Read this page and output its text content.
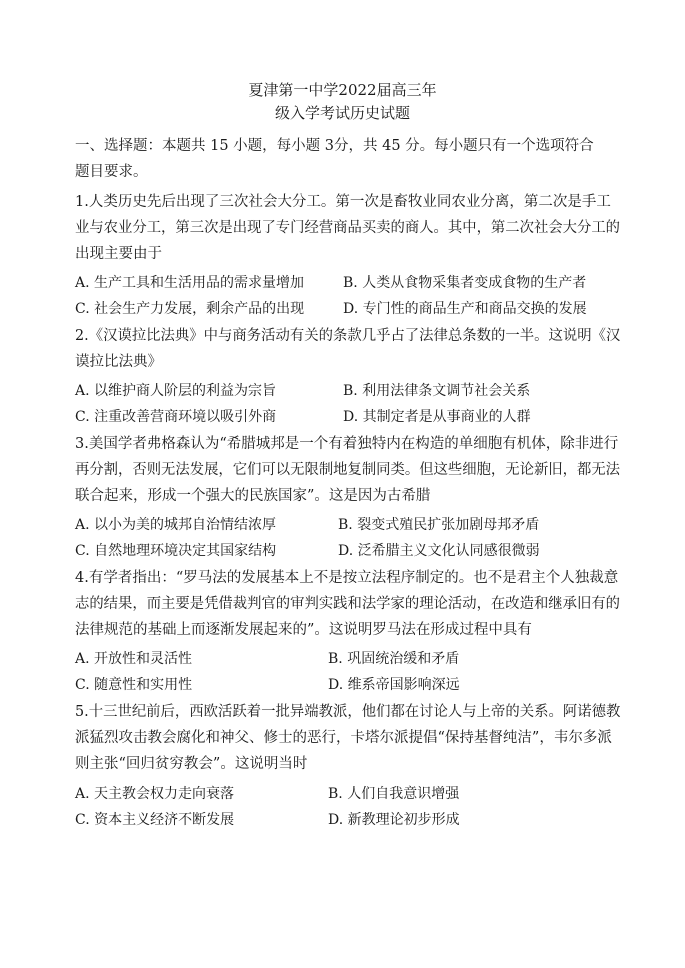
夏津第一中学2022届高三年
级入学考试历史试题
一、选择题：本题共 15 小题，每小题 3分，共 45 分。每小题只有一个选项符合
题目要求。
1.人类历史先后出现了三次社会大分工。第一次是畜牧业同农业分离，第二次是手工
业与农业分工，第三次是出现了专门经营商品买卖的商人。其中，第二次社会大分工的
出现主要由于
A. 生产工具和生活用品的需求量增加	B. 人类从食物采集者变成食物的生产者
C. 社会生产力发展，剩余产品的出现	D. 专门性的商品生产和商品交换的发展
2.《汉谟拉比法典》中与商务活动有关的条款几乎占了法律总条数的一半。这说明《汉
谟拉比法典》
A. 以维护商人阶层的利益为宗旨	B. 利用法律条文调节社会关系
C. 注重改善营商环境以吸引外商	D. 其制定者是从事商业的人群
3.美国学者弗格森认为“希腊城邦是一个有着独特内在构造的单细胞有机体，除非进行
再分割，否则无法发展，它们可以无限制地复制同类。但这些细胞，无论新旧，都无法
联合起来，形成一个强大的民族国家”。这是因为古希腊
A. 以小为美的城邦自治情结浓厚	B. 裂变式殖民扩张加剧母邦矛盾
C. 自然地理环境决定其国家结构	D. 泛希腊主义文化认同感很微弱
4.有学者指出：“罗马法的发展基本上不是按立法程序制定的。也不是君主个人独裁意
志的结果，而主要是凭借裁判官的审判实践和法学家的理论活动，在改造和继承旧有的
法律规范的基础上而逐渐发展起来的”。这说明罗马法在形成过程中具有
A. 开放性和灵活性	B. 巩固统治缓和矛盾
C. 随意性和实用性	D. 维系帝国影响深远
5.十三世纪前后，西欧活跃着一批异端教派，他们都在讨论人与上帝的关系。阿诺德教
派猛烈攻击教会腐化和神父、修士的恶行，卡塔尔派提倡“保持基督纯洁”，韦尔多派
则主张“回归贫穷教会”。这说明当时
A. 天主教会权力走向衰落	B. 人们自我意识增强
C. 资本主义经济不断发展	D. 新教理论初步形成
